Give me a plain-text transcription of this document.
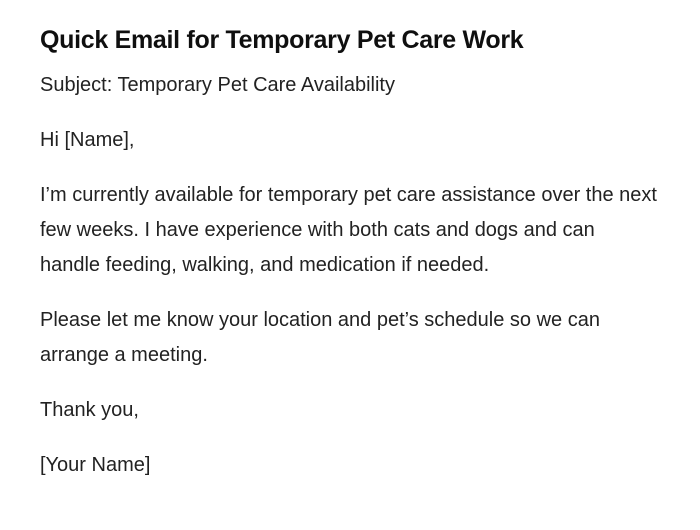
Quick Email for Temporary Pet Care Work

Subject: Temporary Pet Care Availability

Hi [Name],

I’m currently available for temporary pet care assistance over the next few weeks. I have experience with both cats and dogs and can handle feeding, walking, and medication if needed.

Please let me know your location and pet’s schedule so we can arrange a meeting.

Thank you,

[Your Name]
